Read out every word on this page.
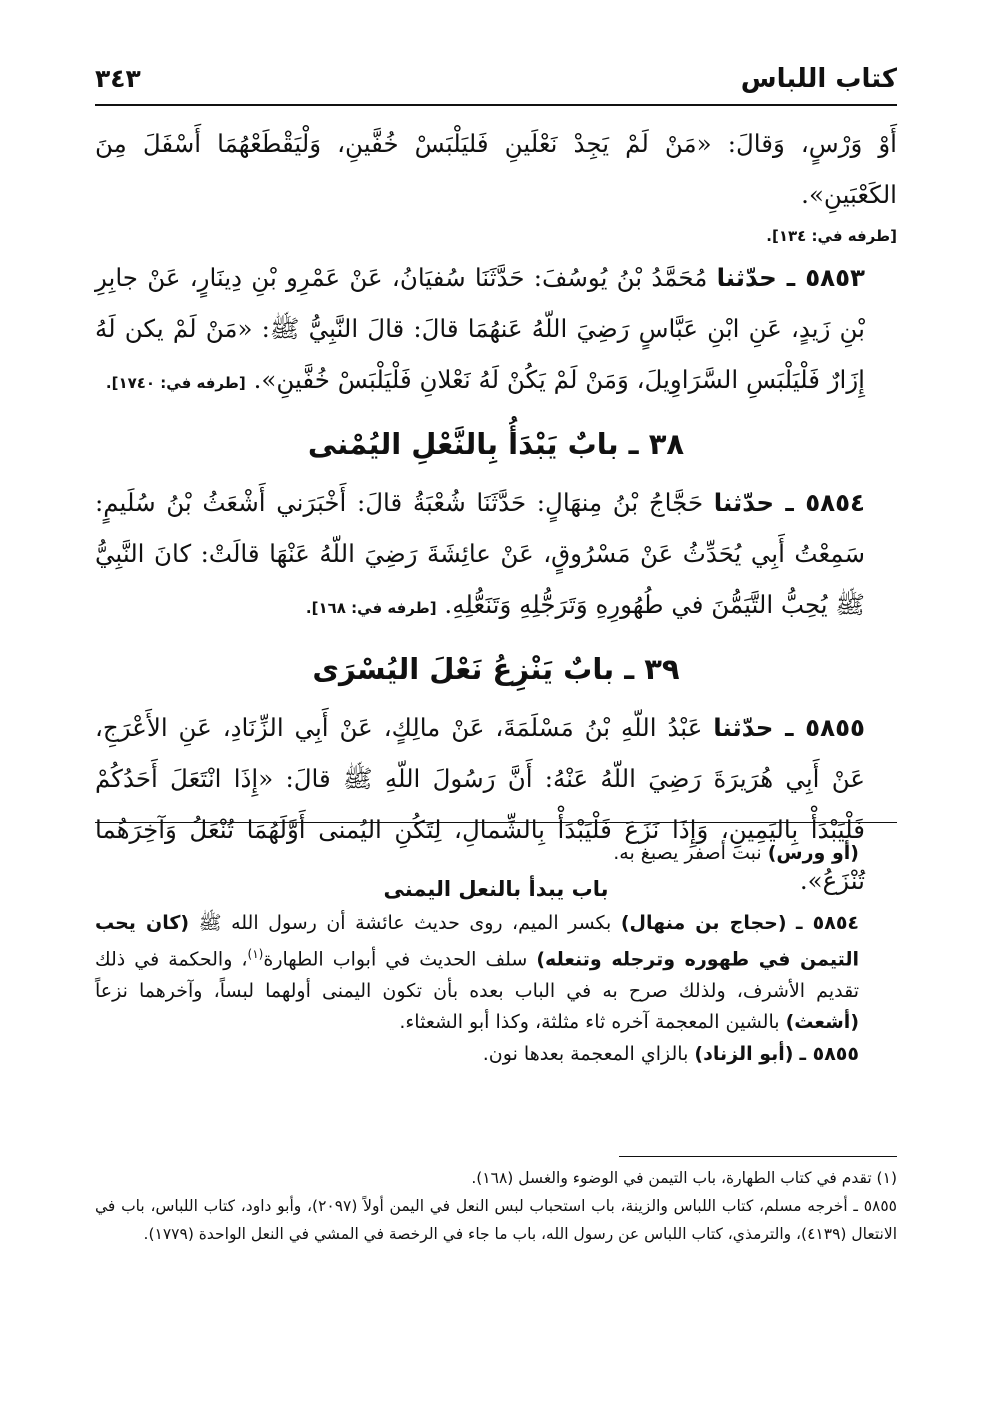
كتاب اللباس
٣٤٣

أَوْ وَرْسٍ، وَقالَ: «مَنْ لَمْ يَجِدْ نَعْلَينِ فَليَلْبَسْ خُفَّينِ، وَلْيَقْطَعْهُمَا أَسْفَلَ مِنَ الكَعْبَينِ».

[طرفه في: ١٣٤].

٥٨٥٣ ـ حدّثنا مُحَمَّدُ بْنُ يُوسُفَ: حَدَّثَنَا سُفيَانُ، عَنْ عَمْرِو بْنِ دِينَارٍ، عَنْ جابِرِ بْنِ زَيدٍ، عَنِ ابْنِ عَبَّاسٍ رَضِيَ اللّهُ عَنهُمَا قالَ: قالَ النَّبِيُّ ﷺ: «مَنْ لَمْ يكن لَهُ إِزَارٌ فَلْيَلْبَسِ السَّرَاوِيلَ، وَمَنْ لَمْ يَكُنْ لَهُ نَعْلانِ فَلْيَلْبَسْ خُفَّينِ». [طرفه في: ١٧٤٠].

٣٨ ـ بابٌ يَبْدَأُ بِالنَّعْلِ اليُمْنى

٥٨٥٤ ـ حدّثنا حَجَّاجُ بْنُ مِنهَالٍ: حَدَّثَنَا شُعْبَةُ قالَ: أَخْبَرَني أَشْعَثُ بْنُ سُلَيمٍ: سَمِعْتُ أَبِي يُحَدِّثُ عَنْ مَسْرُوقٍ، عَنْ عائِشَةَ رَضِيَ اللّهُ عَنْهَا قالَتْ: كانَ النَّبِيُّ ﷺ يُحِبُّ التَّيَمُّنَ في طُهُورِهِ وَتَرَجُّلِهِ وَتَنَعُّلِهِ. [طرفه في: ١٦٨].

٣٩ ـ بابٌ يَنْزِعُ نَعْلَ اليُسْرَى

٥٨٥٥ ـ حدّثنا عَبْدُ اللّهِ بْنُ مَسْلَمَةَ، عَنْ مالِكٍ، عَنْ أَبِي الزِّنَادِ، عَنِ الأَعْرَجِ، عَنْ أَبِي هُرَيرَةَ رَضِيَ اللّهُ عَنْهُ: أَنَّ رَسُولَ اللّهِ ﷺ قالَ: «إِذَا انْتَعَلَ أَحَدُكُمْ فَلْيَبْدَأْ بِاليَمِينِ، وَإِذَا نَزَعَ فَلْيَبْدَأْ بِالشِّمالِ، لِتَكُنِ اليُمنى أَوَّلَهُمَا تُنْعَلُ وَآخِرَهُما تُنْزَعُ».

(أو ورس) نبت أصفر يصبغ به.

باب يبدأ بالنعل اليمنى

٥٨٥٤ ـ (حجاج بن منهال) بكسر الميم، روى حديث عائشة أن رسول الله ﷺ (كان يحب التيمن في طهوره وترجله وتنعله) سلف الحديث في أبواب الطهارة$^{(١)}$، والحكمة في ذلك تقديم الأشرف، ولذلك صرح به في الباب بعده بأن تكون اليمنى أولهما لبساً، وآخرهما نزعاً (أشعث) بالشين المعجمة آخره ثاء مثلثة، وكذا أبو الشعثاء.

٥٨٥٥ ـ (أبو الزناد) بالزاي المعجمة بعدها نون.

(١) تقدم في كتاب الطهارة، باب التيمن في الوضوء والغسل (١٦٨).

٥٨٥٥ ـ أخرجه مسلم، كتاب اللباس والزينة، باب استحباب لبس النعل في اليمن أولاً (٢٠٩٧)، وأبو داود، كتاب اللباس، باب في الانتعال (٤١٣٩)، والترمذي، كتاب اللباس عن رسول الله، باب ما جاء في الرخصة في المشي في النعل الواحدة (١٧٧٩).
